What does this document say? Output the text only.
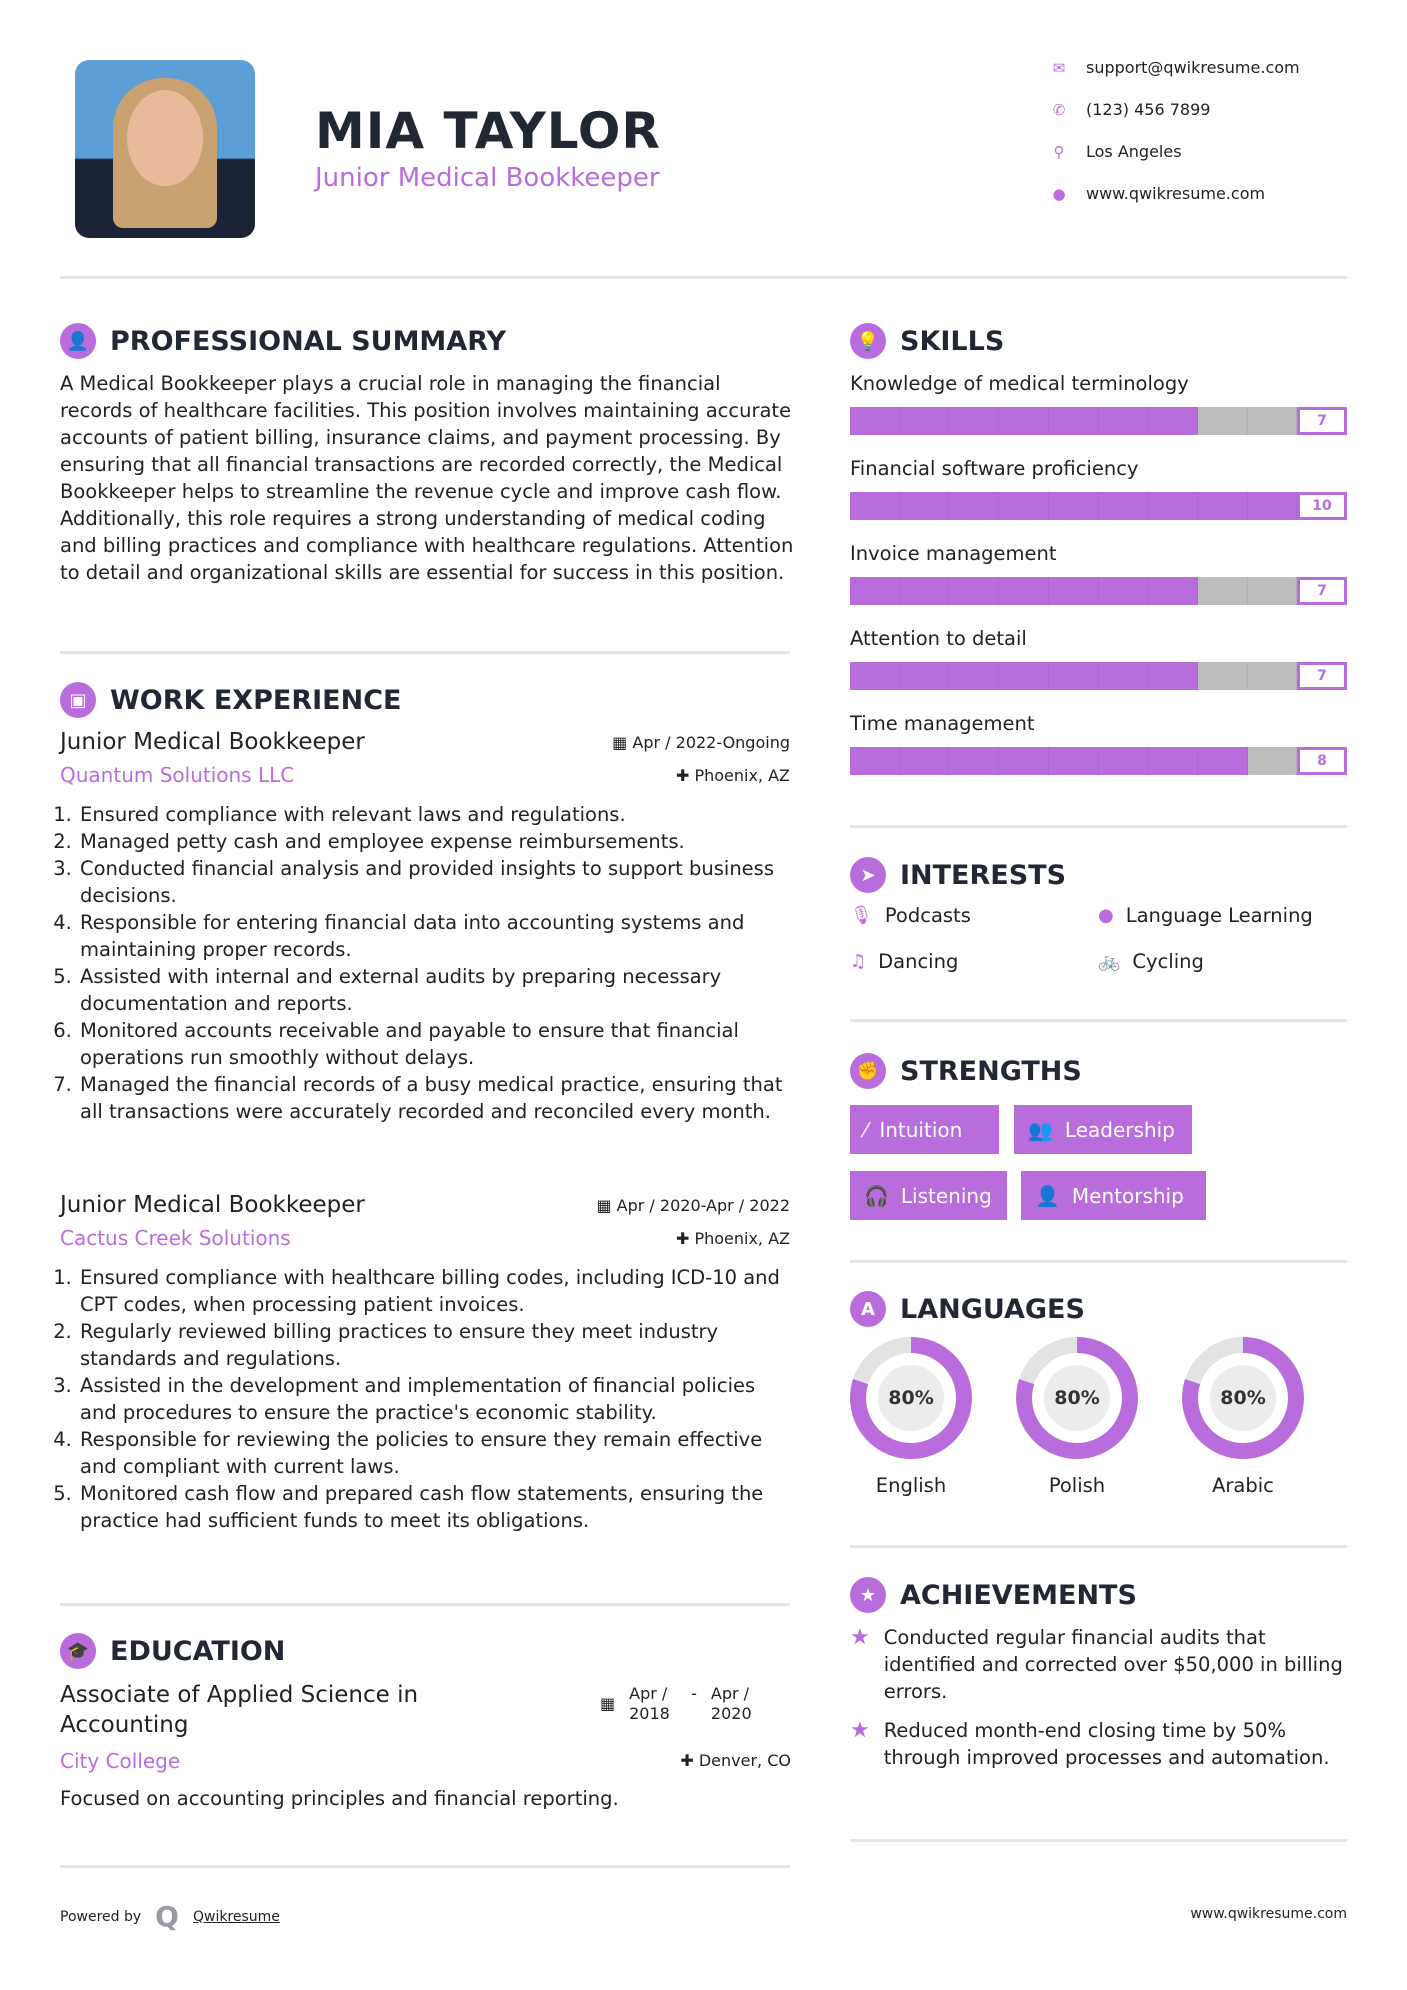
MIA TAYLOR
Junior Medical Bookkeeper
✉ support@qwikresume.com
✆ (123) 456 7899
⚲ Los Angeles
● www.qwikresume.com
👤 PROFESSIONAL SUMMARY
A Medical Bookkeeper plays a crucial role in managing the financial records of healthcare facilities. This position involves maintaining accurate accounts of patient billing, insurance claims, and payment processing. By ensuring that all financial transactions are recorded correctly, the Medical Bookkeeper helps to streamline the revenue cycle and improve cash flow. Additionally, this role requires a strong understanding of medical coding and billing practices and compliance with healthcare regulations. Attention to detail and organizational skills are essential for success in this position.
▣ WORK EXPERIENCE
Junior Medical Bookkeeper	▦ Apr / 2022-Ongoing
Quantum Solutions LLC	✚ Phoenix, AZ
1. Ensured compliance with relevant laws and regulations.
2. Managed petty cash and employee expense reimbursements.
3. Conducted financial analysis and provided insights to support business decisions.
4. Responsible for entering financial data into accounting systems and maintaining proper records.
5. Assisted with internal and external audits by preparing necessary documentation and reports.
6. Monitored accounts receivable and payable to ensure that financial operations run smoothly without delays.
7. Managed the financial records of a busy medical practice, ensuring that all transactions were accurately recorded and reconciled every month.
Junior Medical Bookkeeper	▦ Apr / 2020-Apr / 2022
Cactus Creek Solutions	✚ Phoenix, AZ
1. Ensured compliance with healthcare billing codes, including ICD-10 and CPT codes, when processing patient invoices.
2. Regularly reviewed billing practices to ensure they meet industry standards and regulations.
3. Assisted in the development and implementation of financial policies and procedures to ensure the practice's economic stability.
4. Responsible for reviewing the policies to ensure they remain effective and compliant with current laws.
5. Monitored cash flow and prepared cash flow statements, ensuring the practice had sufficient funds to meet its obligations.
🎓 EDUCATION
Associate of Applied Science in Accounting
▦
Apr / 2018
- Apr / 2020
City College	✚ Denver, CO
Focused on accounting principles and financial reporting.
💡 SKILLS
Knowledge of medical terminology
7
Financial software proficiency
10
Invoice management
7
Attention to detail
7
Time management
8
➤ INTERESTS
🎙 Podcasts	● Language Learning
♫ Dancing	🚲 Cycling
✊ STRENGTHS
⁄ Intuition	👥 Leadership
🎧 Listening 👤 Mentorship
A LANGUAGES
80%
English
80%
Polish
80%
Arabic
★ ACHIEVEMENTS
★ Conducted regular financial audits that identified and corrected over $50,000 in billing errors.
★ Reduced month-end closing time by 50% through improved processes and automation.
Powered by Q Qwikresume	www.qwikresume.com
